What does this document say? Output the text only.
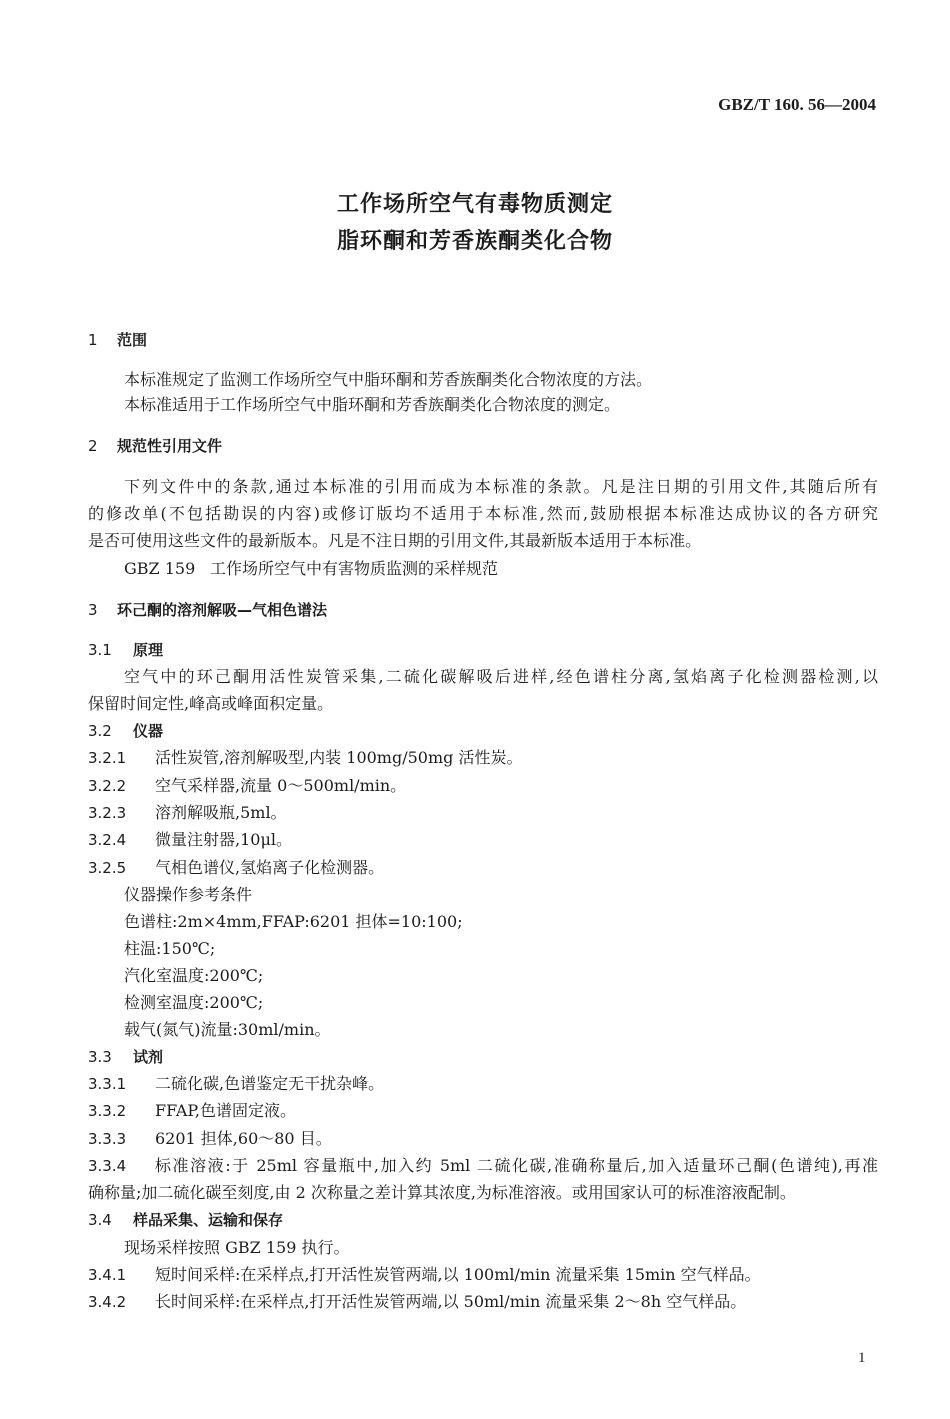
GBZ/T 160. 56—2004
工作场所空气有毒物质测定
脂环酮和芳香族酮类化合物
1 范围
本标准规定了监测工作场所空气中脂环酮和芳香族酮类化合物浓度的方法。
本标准适用于工作场所空气中脂环酮和芳香族酮类化合物浓度的测定。
2 规范性引用文件
下列文件中的条款,通过本标准的引用而成为本标准的条款。凡是注日期的引用文件,其随后所有
的修改单(不包括勘误的内容)或修订版均不适用于本标准,然而,鼓励根据本标准达成协议的各方研究
是否可使用这些文件的最新版本。凡是不注日期的引用文件,其最新版本适用于本标准。
GBZ 159 工作场所空气中有害物质监测的采样规范
3 环己酮的溶剂解吸—气相色谱法
3.1 原理
空气中的环己酮用活性炭管采集,二硫化碳解吸后进样,经色谱柱分离,氢焰离子化检测器检测,以
保留时间定性,峰高或峰面积定量。
3.2 仪器
3.2.1 活性炭管,溶剂解吸型,内装 100mg/50mg 活性炭。
3.2.2 空气采样器,流量 0～500ml/min。
3.2.3 溶剂解吸瓶,5ml。
3.2.4 微量注射器,10μl。
3.2.5 气相色谱仪,氢焰离子化检测器。
仪器操作参考条件
色谱柱:2m×4mm,FFAP:6201 担体=10:100;
柱温:150℃;
汽化室温度:200℃;
检测室温度:200℃;
载气(氮气)流量:30ml/min。
3.3 试剂
3.3.1 二硫化碳,色谱鉴定无干扰杂峰。
3.3.2 FFAP,色谱固定液。
3.3.3 6201 担体,60～80 目。
3.3.4 标准溶液:于 25ml 容量瓶中,加入约 5ml 二硫化碳,准确称量后,加入适量环己酮(色谱纯),再准
确称量;加二硫化碳至刻度,由 2 次称量之差计算其浓度,为标准溶液。或用国家认可的标准溶液配制。
3.4 样品采集、运输和保存
现场采样按照 GBZ 159 执行。
3.4.1 短时间采样:在采样点,打开活性炭管两端,以 100ml/min 流量采集 15min 空气样品。
3.4.2 长时间采样:在采样点,打开活性炭管两端,以 50ml/min 流量采集 2～8h 空气样品。
1
